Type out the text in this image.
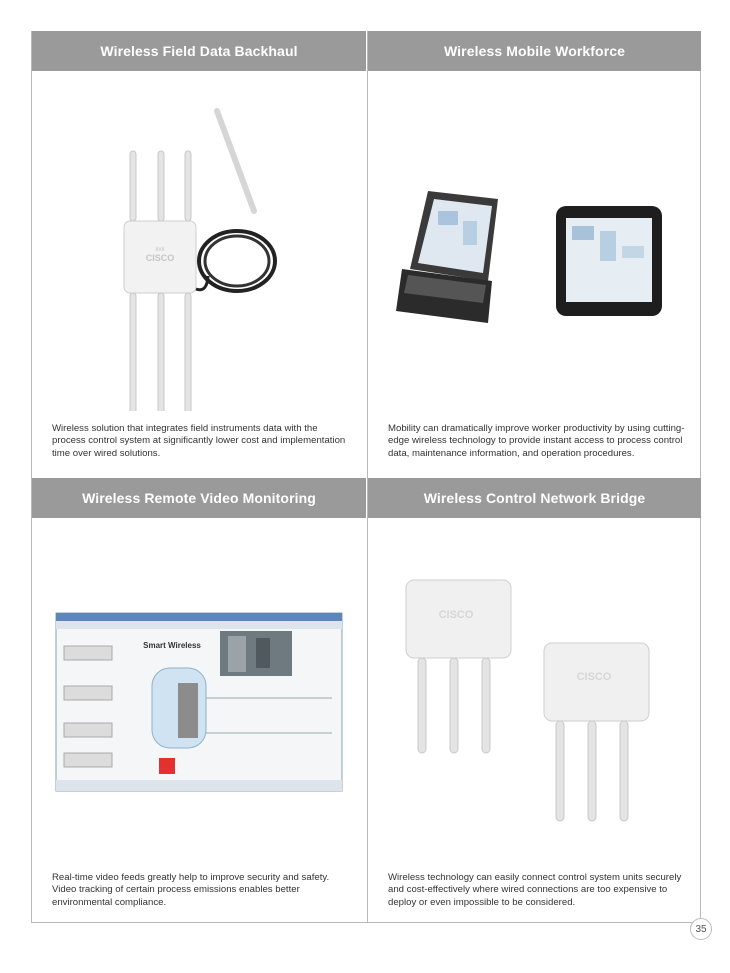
Wireless Field Data Backhaul
ılıılı
CISCO
Wireless solution that integrates field instruments data with the process control system at significantly lower cost and implementation time over wired solutions.
Wireless Mobile Workforce
Mobility can dramatically improve worker productivity by using cutting-edge wireless technology to provide instant access to process control data, maintenance information, and operation procedures.
Wireless Remote Video Monitoring
Smart Wireless
Real-time video feeds greatly help to improve security and safety. Video tracking of certain process emissions enables better environmental compliance.
Wireless Control Network Bridge
CISCO
CISCO
Wireless technology can easily connect control system units securely and cost-effectively where wired connections are too expensive to deploy or even impossible to be considered.
35
